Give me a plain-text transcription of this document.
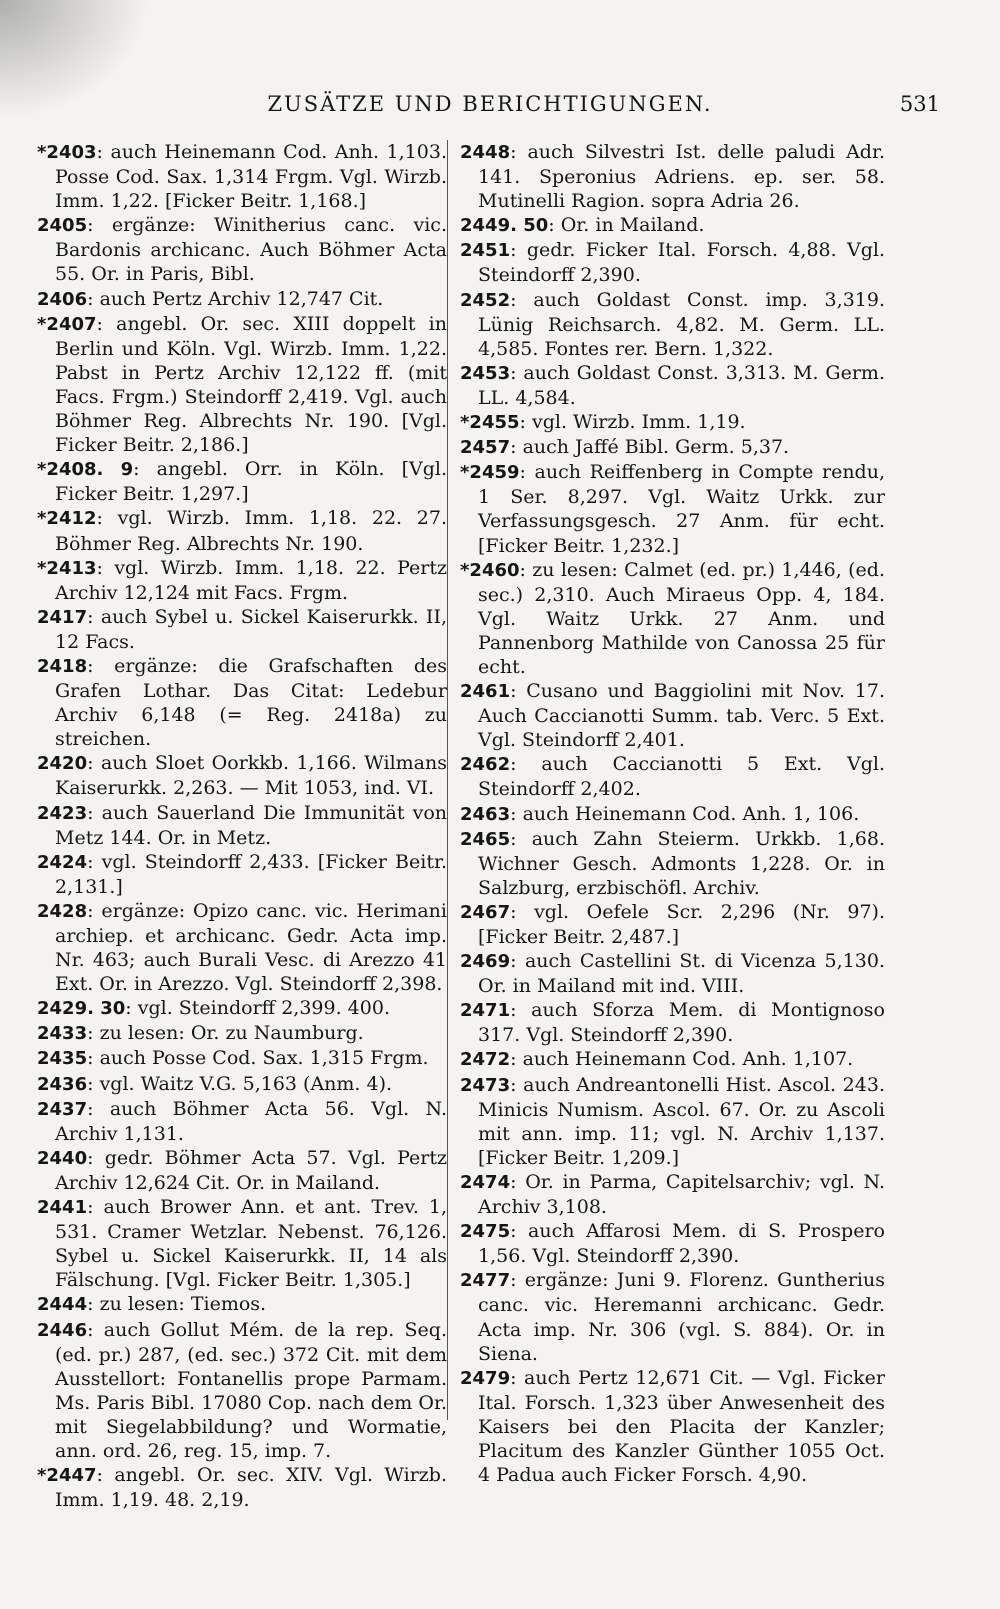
ZUSÄTZE UND BERICHTIGUNGEN.	531

*2403: auch Heinemann Cod. Anh. 1,103. Posse Cod. Sax. 1,314 Frgm. Vgl. Wirzb. Imm. 1,22. [Ficker Beitr. 1,168.]

2405: ergänze: Winitherius canc. vic. Bardonis archicanc. Auch Böhmer Acta 55. Or. in Paris, Bibl.

2406: auch Pertz Archiv 12,747 Cit.

*2407: angebl. Or. sec. XIII doppelt in Berlin und Köln. Vgl. Wirzb. Imm. 1,22. Pabst in Pertz Archiv 12,122 ff. (mit Facs. Frgm.) Steindorff 2,419. Vgl. auch Böhmer Reg. Albrechts Nr. 190. [Vgl. Ficker Beitr. 2,186.]

*2408. 9: angebl. Orr. in Köln. [Vgl. Ficker Beitr. 1,297.]

*2412: vgl. Wirzb. Imm. 1,18. 22. 27. Böhmer Reg. Albrechts Nr. 190.

*2413: vgl. Wirzb. Imm. 1,18. 22. Pertz Archiv 12,124 mit Facs. Frgm.

2417: auch Sybel u. Sickel Kaiserurkk. II, 12 Facs.

2418: ergänze: die Grafschaften des Grafen Lothar. Das Citat: Ledebur Archiv 6,148 (= Reg. 2418a) zu streichen.

2420: auch Sloet Oorkkb. 1,166. Wilmans Kaiserurkk. 2,263. — Mit 1053, ind. VI.

2423: auch Sauerland Die Immunität von Metz 144. Or. in Metz.

2424: vgl. Steindorff 2,433. [Ficker Beitr. 2,131.]

2428: ergänze: Opizo canc. vic. Herimani archiep. et archicanc. Gedr. Acta imp. Nr. 463; auch Burali Vesc. di Arezzo 41 Ext. Or. in Arezzo. Vgl. Steindorff 2,398.

2429. 30: vgl. Steindorff 2,399. 400.

2433: zu lesen: Or. zu Naumburg.

2435: auch Posse Cod. Sax. 1,315 Frgm.

2436: vgl. Waitz V.G. 5,163 (Anm. 4).

2437: auch Böhmer Acta 56. Vgl. N. Archiv 1,131.

2440: gedr. Böhmer Acta 57. Vgl. Pertz Archiv 12,624 Cit. Or. in Mailand.

2441: auch Brower Ann. et ant. Trev. 1, 531. Cramer Wetzlar. Nebenst. 76,126. Sybel u. Sickel Kaiserurkk. II, 14 als Fälschung. [Vgl. Ficker Beitr. 1,305.]

2444: zu lesen: Tiemos.

2446: auch Gollut Mém. de la rep. Seq. (ed. pr.) 287, (ed. sec.) 372 Cit. mit dem Ausstellort: Fontanellis prope Parmam. Ms. Paris Bibl. 17080 Cop. nach dem Or. mit Siegelabbildung? und Wormatie, ann. ord. 26, reg. 15, imp. 7.

*2447: angebl. Or. sec. XIV. Vgl. Wirzb. Imm. 1,19. 48. 2,19.

2448: auch Silvestri Ist. delle paludi Adr. 141. Speronius Adriens. ep. ser. 58. Mutinelli Ragion. sopra Adria 26.

2449. 50: Or. in Mailand.

2451: gedr. Ficker Ital. Forsch. 4,88. Vgl. Steindorff 2,390.

2452: auch Goldast Const. imp. 3,319. Lünig Reichsarch. 4,82. M. Germ. LL. 4,585. Fontes rer. Bern. 1,322.

2453: auch Goldast Const. 3,313. M. Germ. LL. 4,584.

*2455: vgl. Wirzb. Imm. 1,19.

2457: auch Jaffé Bibl. Germ. 5,37.

*2459: auch Reiffenberg in Compte rendu, 1 Ser. 8,297. Vgl. Waitz Urkk. zur Verfassungsgesch. 27 Anm. für echt. [Ficker Beitr. 1,232.]

*2460: zu lesen: Calmet (ed. pr.) 1,446, (ed. sec.) 2,310. Auch Miraeus Opp. 4, 184. Vgl. Waitz Urkk. 27 Anm. und Pannenborg Mathilde von Canossa 25 für echt.

2461: Cusano und Baggiolini mit Nov. 17. Auch Caccianotti Summ. tab. Verc. 5 Ext. Vgl. Steindorff 2,401.

2462: auch Caccianotti 5 Ext. Vgl. Steindorff 2,402.

2463: auch Heinemann Cod. Anh. 1, 106.

2465: auch Zahn Steierm. Urkkb. 1,68. Wichner Gesch. Admonts 1,228. Or. in Salzburg, erzbischöfl. Archiv.

2467: vgl. Oefele Scr. 2,296 (Nr. 97). [Ficker Beitr. 2,487.]

2469: auch Castellini St. di Vicenza 5,130. Or. in Mailand mit ind. VIII.

2471: auch Sforza Mem. di Montignoso 317. Vgl. Steindorff 2,390.

2472: auch Heinemann Cod. Anh. 1,107.

2473: auch Andreantonelli Hist. Ascol. 243. Minicis Numism. Ascol. 67. Or. zu Ascoli mit ann. imp. 11; vgl. N. Archiv 1,137. [Ficker Beitr. 1,209.]

2474: Or. in Parma, Capitelsarchiv; vgl. N. Archiv 3,108.

2475: auch Affarosi Mem. di S. Prospero 1,56. Vgl. Steindorff 2,390.

2477: ergänze: Juni 9. Florenz. Guntherius canc. vic. Heremanni archicanc. Gedr. Acta imp. Nr. 306 (vgl. S. 884). Or. in Siena.

2479: auch Pertz 12,671 Cit. — Vgl. Ficker Ital. Forsch. 1,323 über Anwesenheit des Kaisers bei den Placita der Kanzler; Placitum des Kanzler Günther 1055 Oct. 4 Padua auch Ficker Forsch. 4,90.
